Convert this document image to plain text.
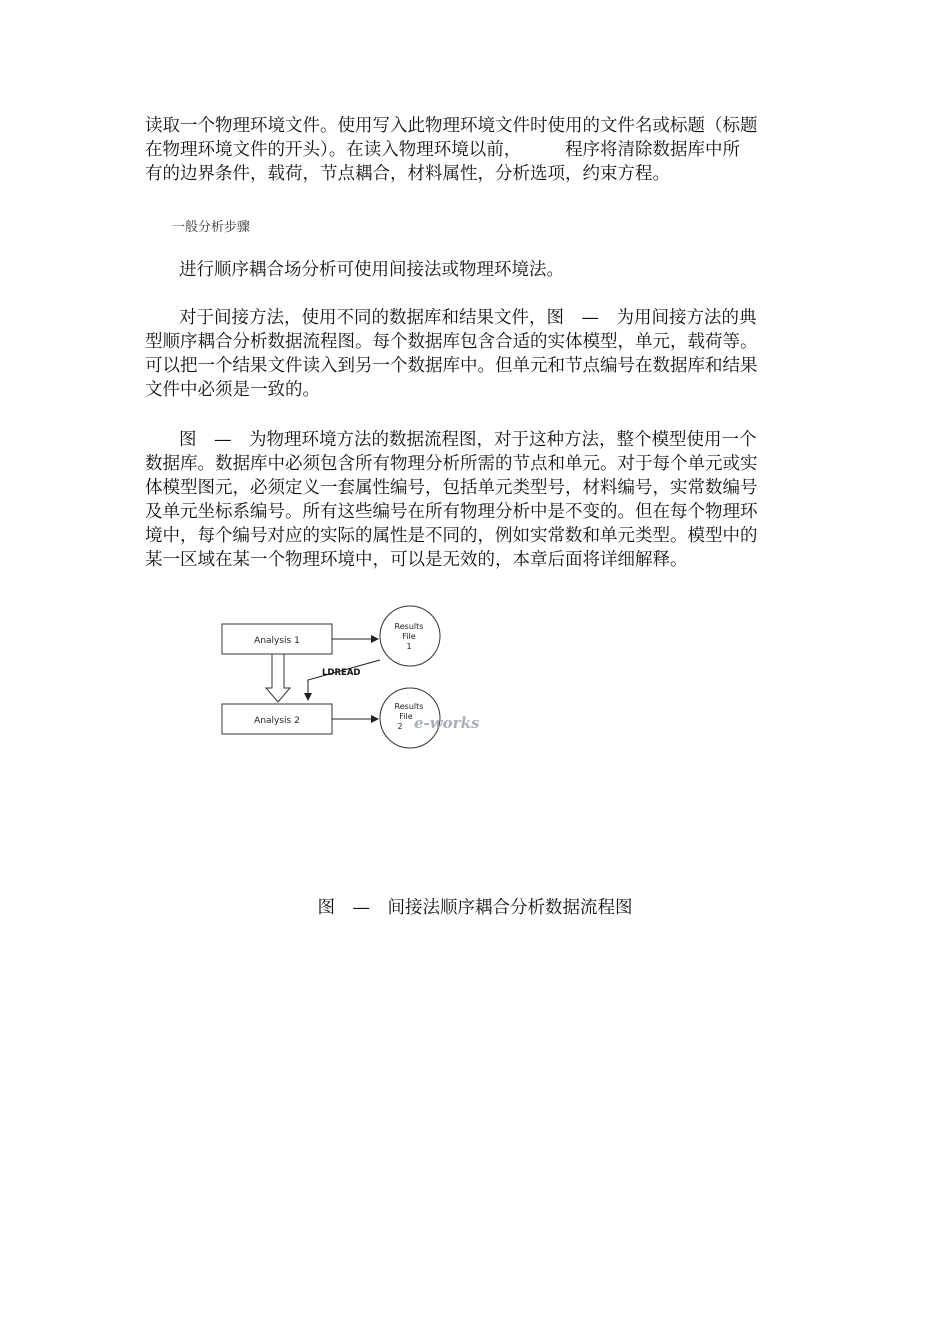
读取一个物理环境文件。使用写入此物理环境文件时使用的文件名或标题（标题
在物理环境文件的开头）。在读入物理环境以前，　　　程序将清除数据库中所
有的边界条件，载荷，节点耦合，材料属性，分析选项，约束方程。
一般分析步骤
进行顺序耦合场分析可使用间接法或物理环境法。
对于间接方法，使用不同的数据库和结果文件，图　—　为用间接方法的典
型顺序耦合分析数据流程图。每个数据库包含合适的实体模型，单元，载荷等。
可以把一个结果文件读入到另一个数据库中。但单元和节点编号在数据库和结果
文件中必须是一致的。
图　—　为物理环境方法的数据流程图，对于这种方法，整个模型使用一个
数据库。数据库中必须包含所有物理分析所需的节点和单元。对于每个单元或实
体模型图元，必须定义一套属性编号，包括单元类型号，材料编号，实常数编号
及单元坐标系编号。所有这些编号在所有物理分析中是不变的。但在每个物理环
境中，每个编号对应的实际的属性是不同的，例如实常数和单元类型。模型中的
某一区域在某一个物理环境中，可以是无效的，本章后面将详细解释。
Analysis 1
Results
File
1
LDREAD
Analysis 2
Results
File
2 e-works
图　—　间接法顺序耦合分析数据流程图
